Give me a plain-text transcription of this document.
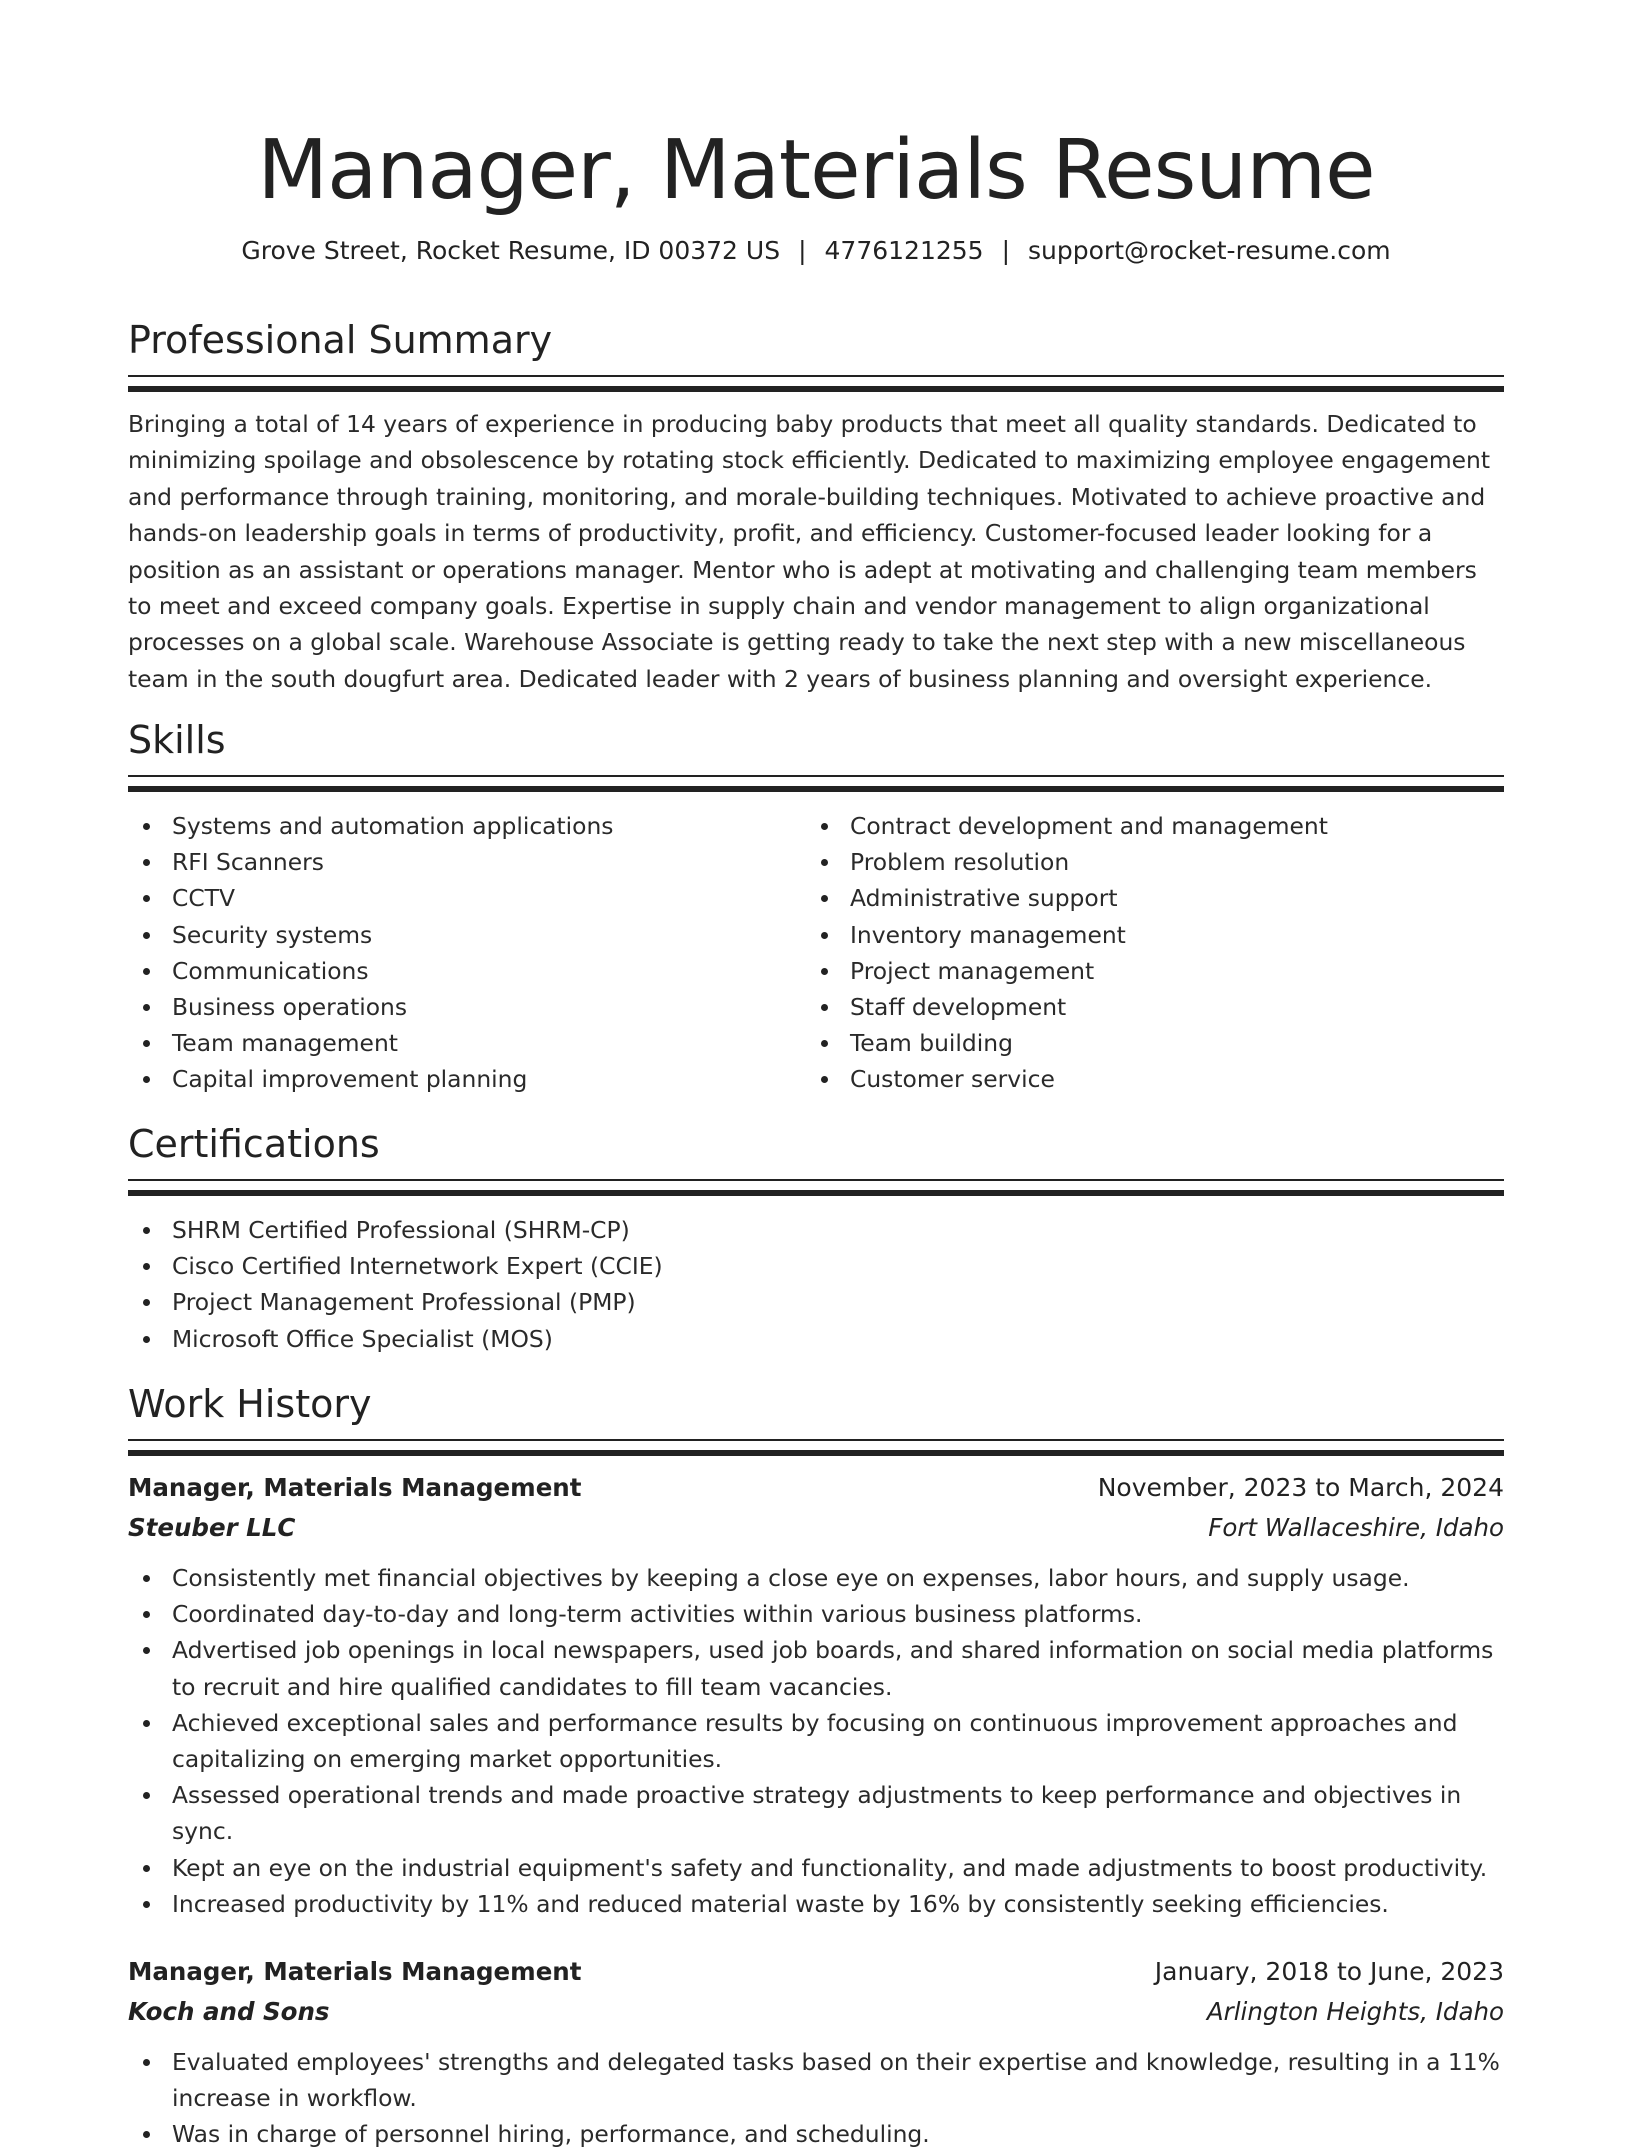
Manager, Materials Resume
Grove Street, Rocket Resume, ID 00372 US | 4776121255 | support@rocket-resume.com
Professional Summary

Bringing a total of 14 years of experience in producing baby products that meet all quality standards. Dedicated to minimizing spoilage and obsolescence by rotating stock efficiently. Dedicated to maximizing employee engagement and performance through training, monitoring, and morale-building techniques. Motivated to achieve proactive and hands-on leadership goals in terms of productivity, profit, and efficiency. Customer-focused leader looking for a position as an assistant or operations manager. Mentor who is adept at motivating and challenging team members to meet and exceed company goals. Expertise in supply chain and vendor management to align organizational processes on a global scale. Warehouse Associate is getting ready to take the next step with a new miscellaneous team in the south dougfurt area. Dedicated leader with 2 years of business planning and oversight experience.

Skills
Systems and automation applications
RFI Scanners
CCTV
Security systems
Communications
Business operations
Team management
Capital improvement planning
Contract development and management
Problem resolution
Administrative support
Inventory management
Project management
Staff development
Team building
Customer service
Certifications
SHRM Certified Professional (SHRM-CP)
Cisco Certified Internetwork Expert (CCIE)
Project Management Professional (PMP)
Microsoft Office Specialist (MOS)
Work History
Manager, Materials Management	November, 2023 to March, 2024
Steuber LLC	Fort Wallaceshire, Idaho
Consistently met financial objectives by keeping a close eye on expenses, labor hours, and supply usage.
Coordinated day-to-day and long-term activities within various business platforms.
Advertised job openings in local newspapers, used job boards, and shared information on social media platforms to recruit and hire qualified candidates to fill team vacancies.
Achieved exceptional sales and performance results by focusing on continuous improvement approaches and capitalizing on emerging market opportunities.
Assessed operational trends and made proactive strategy adjustments to keep performance and objectives in sync.
Kept an eye on the industrial equipment's safety and functionality, and made adjustments to boost productivity.
Increased productivity by 11% and reduced material waste by 16% by consistently seeking efficiencies.
Manager, Materials Management	January, 2018 to June, 2023
Koch and Sons	Arlington Heights, Idaho
Evaluated employees' strengths and delegated tasks based on their expertise and knowledge, resulting in a 11% increase in workflow.
Was in charge of personnel hiring, performance, and scheduling.
